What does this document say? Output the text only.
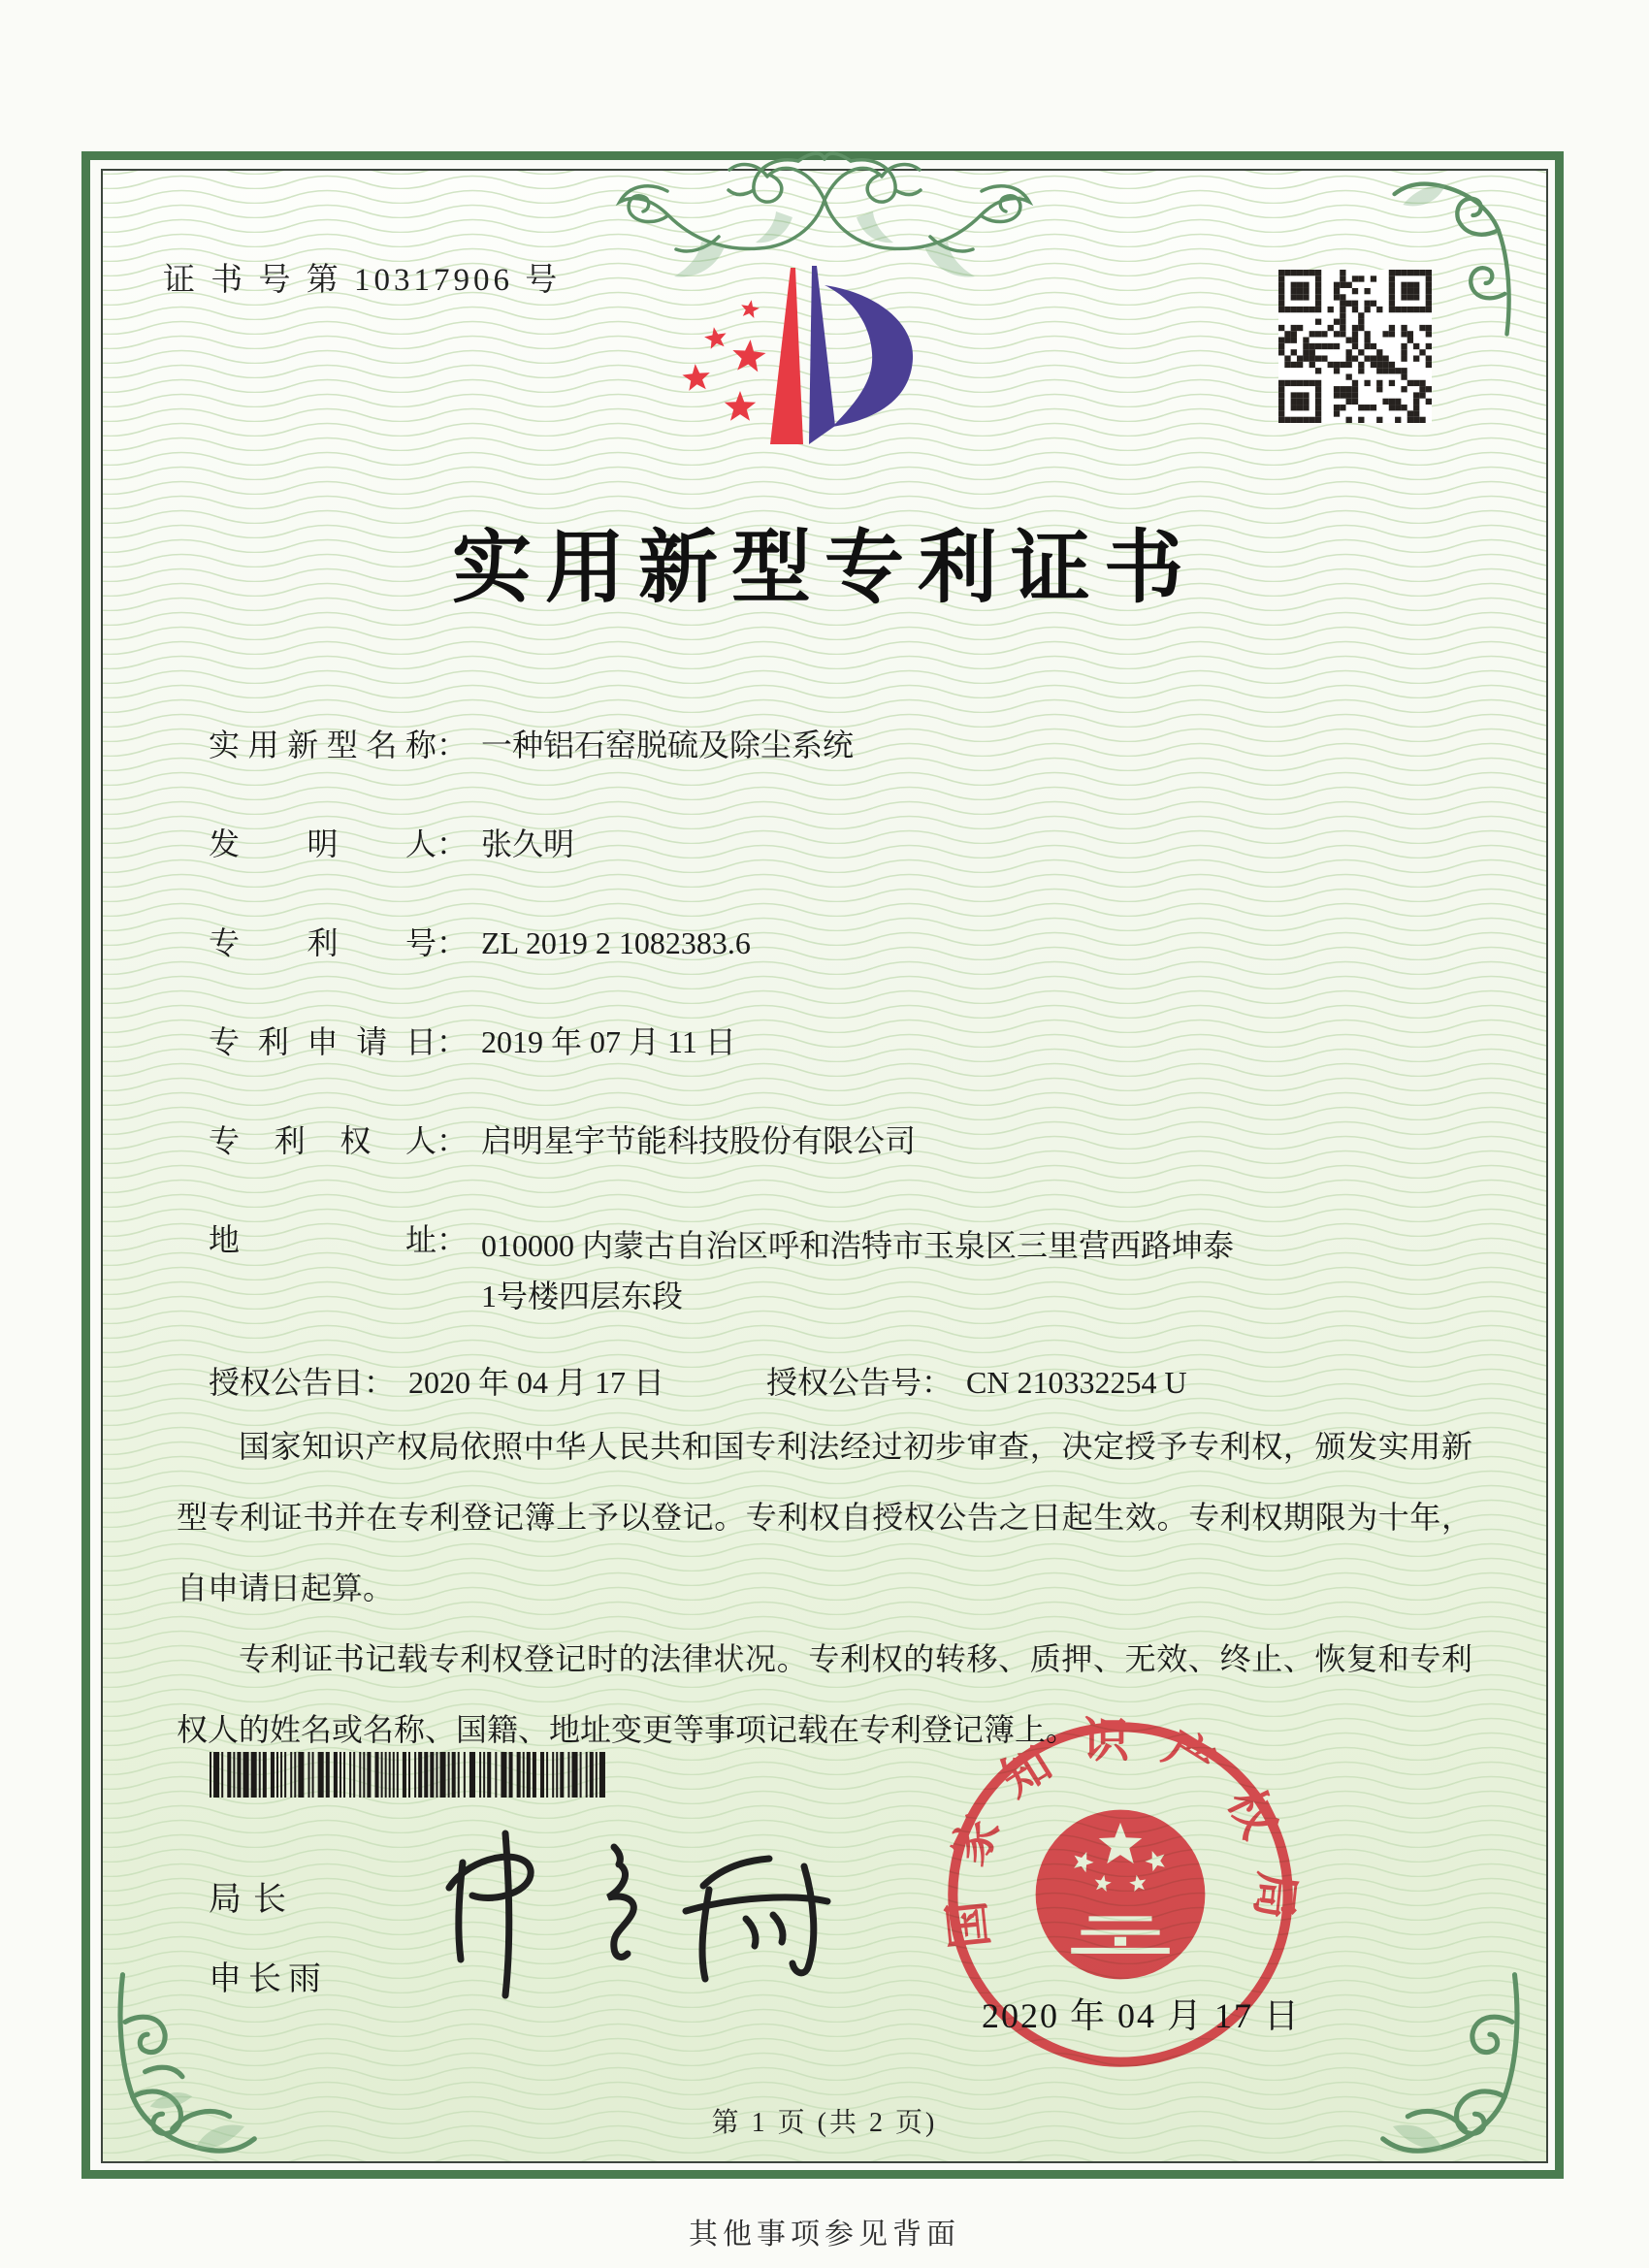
证 书 号 第 10317906 号
实用新型专利证书
实用新型名称 ： 一种铝石窑脱硫及除尘系统
发明人 ： 张久明
专利号 ： ZL 2019 2 1082383.6
专利申请日 ： 2019 年 07 月 11 日
专利权人 ： 启明星宇节能科技股份有限公司
地址 ： 010000 内蒙古自治区呼和浩特市玉泉区三里营西路坤泰1号楼四层东段
授权公告日： 2020 年 04 月 17 日	授权公告号： CN 210332254 U

国家知识产权局依照中华人民共和国专利法经过初步审查，决定授予专利权，颁发实用新型专利证书并在专利登记簿上予以登记。专利权自授权公告之日起生效。专利权期限为十年，自申请日起算。

专利证书记载专利权登记时的法律状况。专利权的转移、质押、无效、终止、恢复和专利权人的姓名或名称、国籍、地址变更等事项记载在专利登记簿上。

局长
申长雨
2020 年 04 月 17 日
国家知识产权局
第 1 页 (共 2 页)
其他事项参见背面
